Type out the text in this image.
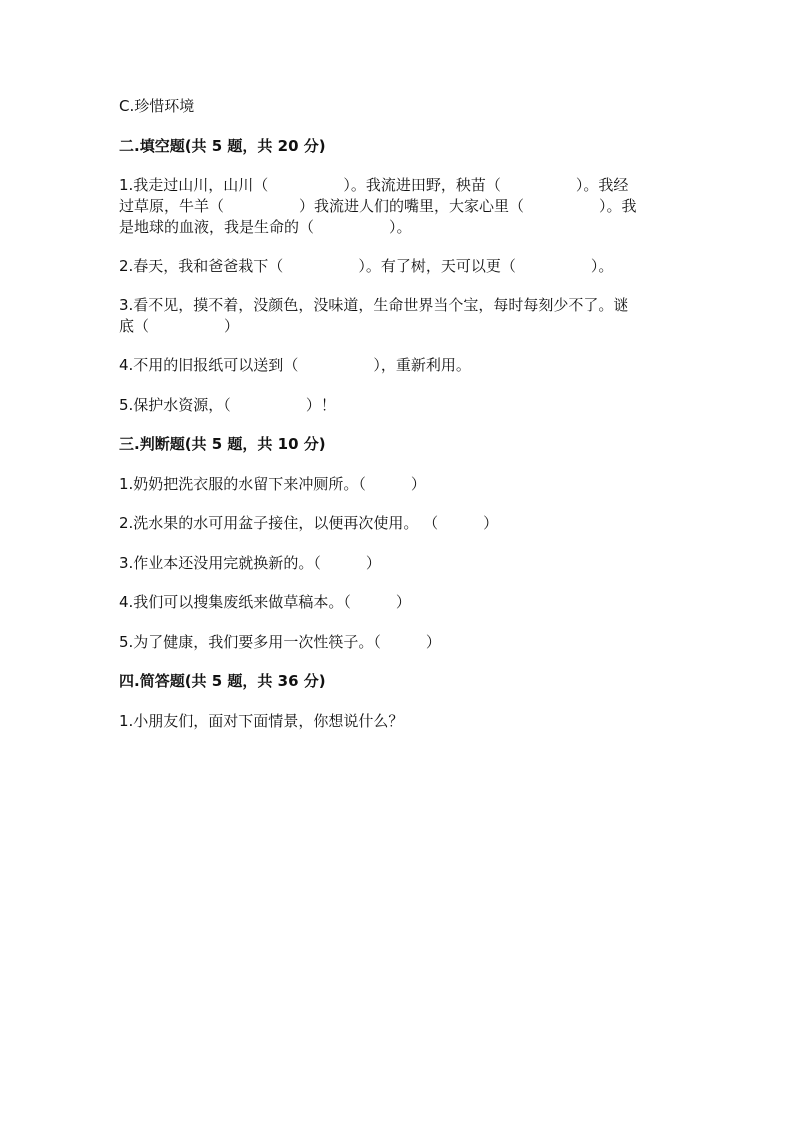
C.珍惜环境
二.填空题(共 5 题，共 20 分)
1.我走过山川，山川（　　　　　）。我流进田野，秧苗（　　　　　）。我经
过草原，牛羊（　　　　　）我流进人们的嘴里，大家心里（　　　　　）。我
是地球的血液，我是生命的（　　　　　）。
2.春天，我和爸爸栽下（　　　　　）。有了树，天可以更（　　　　　）。
3.看不见，摸不着，没颜色，没味道，生命世界当个宝，每时每刻少不了。谜
底（　　　　　）
4.不用的旧报纸可以送到（　　　　　），重新利用。
5.保护水资源，（　　　　　）！
三.判断题(共 5 题，共 10 分)
1.奶奶把洗衣服的水留下来冲厕所。（　　　）
2.洗水果的水可用盆子接住，以便再次使用。 （　　　）
3.作业本还没用完就换新的。（　　　）
4.我们可以搜集废纸来做草稿本。（　　　）
5.为了健康，我们要多用一次性筷子。（　　　）
四.简答题(共 5 题，共 36 分)
1.小朋友们，面对下面情景，你想说什么？
